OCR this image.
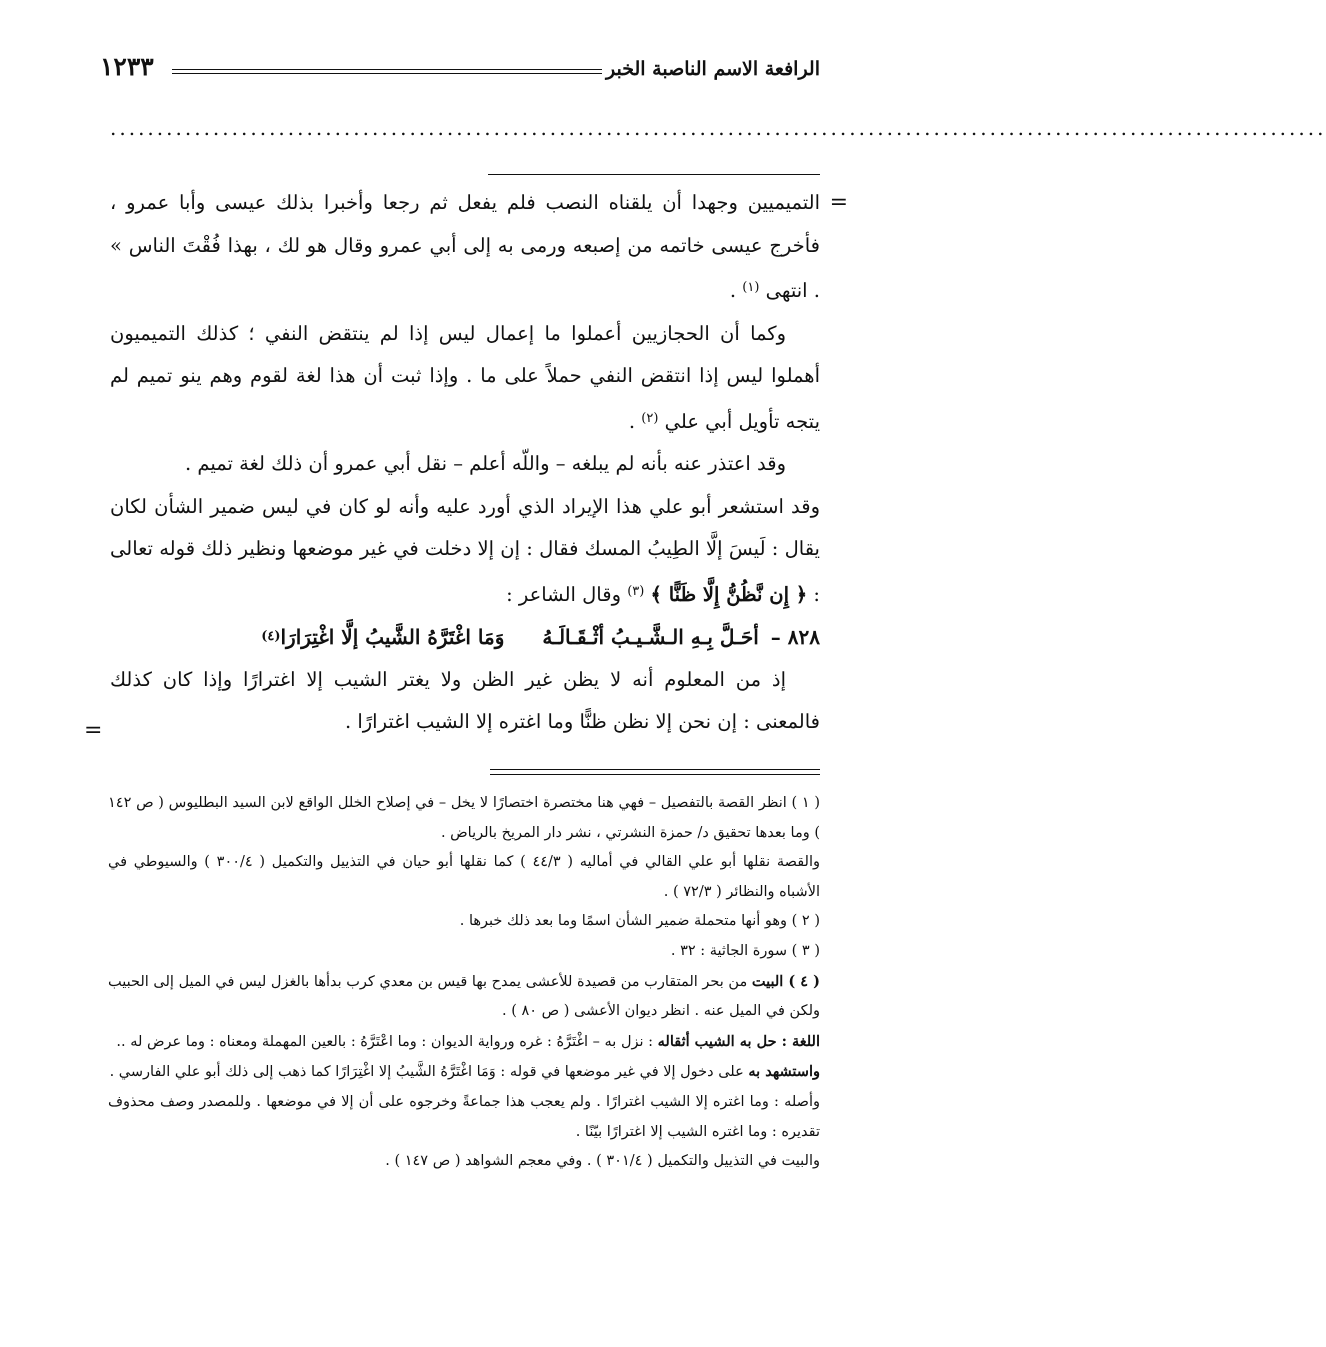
الرافعة الاسم الناصبة الخبر
١٢٣٣
..................................................................................................................................
=

التميميين وجهدا أن يلقناه النصب فلم يفعل ثم رجعا وأخبرا بذلك عيسى وأبا عمرو ، فأخرج عيسى خاتمه من إصبعه ورمى به إلى أبي عمرو وقال هو لك ، بهذا فُقْتَ الناس » . انتهى $^{(١)}$ .

وكما أن الحجازيين أعملوا ما إعمال ليس إذا لم ينتقض النفي ؛ كذلك التميميون أهملوا ليس إذا انتقض النفي حملاً على ما . وإذا ثبت أن هذا لغة لقوم وهم ينو تميم لم يتجه تأويل أبي علي $^{(٢)}$ .

وقد اعتذر عنه بأنه لم يبلغه – واللّه أعلم – نقل أبي عمرو أن ذلك لغة تميم .

وقد استشعر أبو علي هذا الإيراد الذي أورد عليه وأنه لو كان في ليس ضمير الشأن لكان يقال : لَيسَ إلَّا الطِيبُ المسك فقال : إن إلا دخلت في غير موضعها ونظير ذلك قوله تعالى : ﴿ إِن نَّظُنُّ إِلَّا ظَنًّا ﴾ $^{(٣)}$ وقال الشاعر :

٨٢٨ –
أحَـلَّ بِـهِ الـشَّـيـبُ أثْـقَـالَـهُ
وَمَا اغْتَرَّهُ الشَّيبُ إلَّا اغْتِرَارَا
(٤)

إذ من المعلوم أنه لا يظن غير الظن ولا يغتر الشيب إلا اغترارًا وإذا كان كذلك فالمعنى : إن نحن إلا نظن ظنًّا وما اغتره إلا الشيب اغترارًا .

=

( ١ ) انظر القصة بالتفصيل – فهي هنا مختصرة اختصارًا لا يخل – في إصلاح الخلل الواقع لابن السيد البطليوس ( ص ١٤٢ ) وما بعدها تحقيق د/ حمزة النشرتي ، نشر دار المريخ بالرياض .

والقصة نقلها أبو علي القالي في أماليه ( ٤٤/٣ ) كما نقلها أبو حيان في التذييل والتكميل ( ٣٠٠/٤ ) والسيوطي في الأشباه والنظائر ( ٧٢/٣ ) .

( ٢ ) وهو أنها متحملة ضمير الشأن اسمًا وما بعد ذلك خبرها .

( ٣ ) سورة الجاثية : ٣٢ .

( ٤ ) البيت من بحر المتقارب من قصيدة للأعشى يمدح بها قيس بن معدي كرب بدأها بالغزل ليس في الميل إلى الحبيب ولكن في الميل عنه . انظر ديوان الأعشى ( ص ٨٠ ) .

اللغة : حل به الشيب أثقاله : نزل به – اغْتَرَّهُ : غره ورواية الديوان : وما اعْتَرَّهُ : بالعين المهملة ومعناه : وما عرض له ..

واستشهد به على دخول إلا في غير موضعها في قوله : وَمَا اغْتَرَّهُ الشَّيبُ إلا اغْتِرَارًا كما ذهب إلى ذلك أبو علي الفارسي .

وأصله : وما اغتره إلا الشيب اغترارًا . ولم يعجب هذا جماعةً وخرجوه على أن إلا في موضعها . وللمصدر وصف محذوف تقديره : وما اغتره الشيب إلا اغترارًا بيّنًا .

والبيت في التذييل والتكميل ( ٣٠١/٤ ) . وفي معجم الشواهد ( ص ١٤٧ ) .
